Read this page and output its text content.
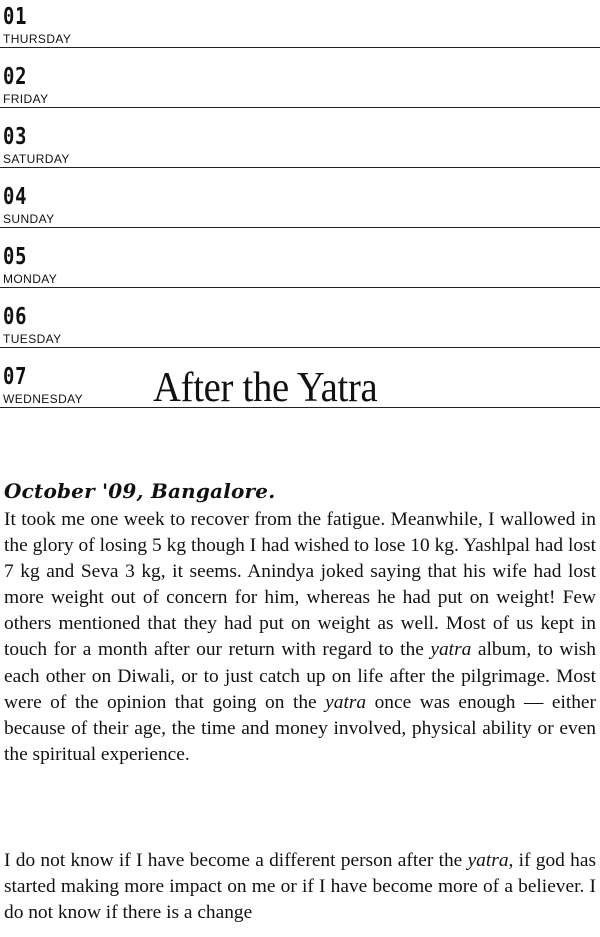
01
THURSDAY
02
FRIDAY
03
SATURDAY
04
SUNDAY
05
MONDAY
06
TUESDAY
07
WEDNESDAY After the Yatra
October '09, Bangalore.

It took me one week to recover from the fatigue. Meanwhile, I wallowed in the glory of losing 5 kg though I had wished to lose 10 kg. Yashlpal had lost 7 kg and Seva 3 kg, it seems. Anindya joked saying that his wife had lost more weight out of concern for him, whereas he had put on weight! Few others mentioned that they had put on weight as well. Most of us kept in touch for a month after our return with regard to the yatra album, to wish each other on Diwali, or to just catch up on life after the pilgrimage. Most were of the opinion that going on the yatra once was enough — either because of their age, the time and money involved, physical ability or even the spiritual experience.

I do not know if I have become a different person after the yatra, if god has started making more impact on me or if I have become more of a believer. I do not know if there is a change
